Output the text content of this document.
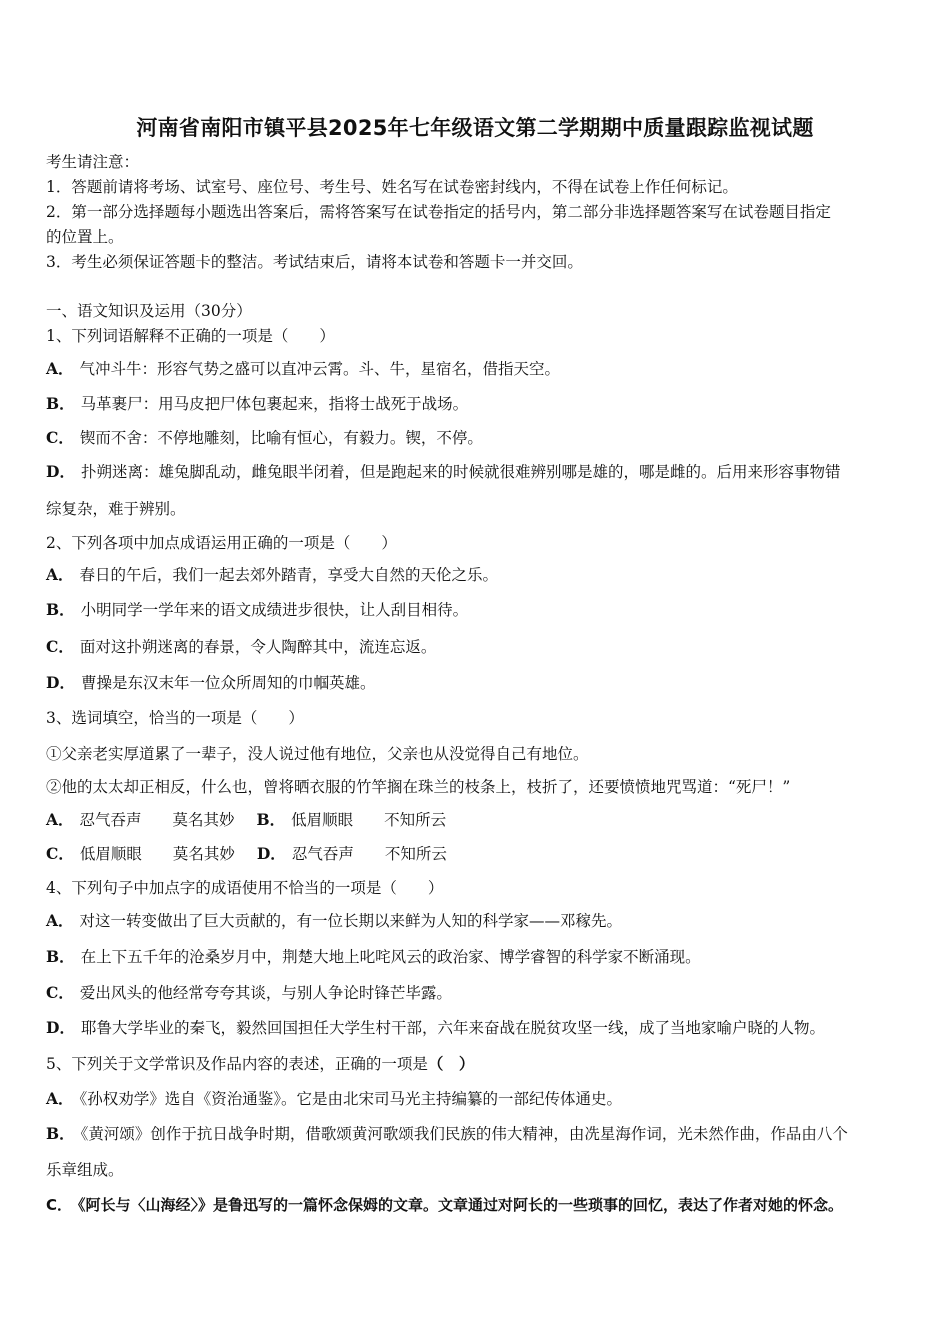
河南省南阳市镇平县2025年七年级语文第二学期期中质量跟踪监视试题
考生请注意：
1．答题前请将考场、试室号、座位号、考生号、姓名写在试卷密封线内，不得在试卷上作任何标记。
2．第一部分选择题每小题选出答案后，需将答案写在试卷指定的括号内，第二部分非选择题答案写在试卷题目指定
的位置上。
3．考生必须保证答题卡的整洁。考试结束后，请将本试卷和答题卡一并交回。
一、语文知识及运用（30分）
1、下列词语解释不正确的一项是（　　）
A． 气冲斗牛：形容气势之盛可以直冲云霄。斗、牛，星宿名，借指天空。
B． 马革裹尸：用马皮把尸体包裹起来，指将士战死于战场。
C． 锲而不舍：不停地雕刻，比喻有恒心，有毅力。锲，不停。
D． 扑朔迷离：雄兔脚乱动，雌兔眼半闭着，但是跑起来的时候就很难辨别哪是雄的，哪是雌的。后用来形容事物错
综复杂，难于辨别。
2、下列各项中加点成语运用正确的一项是（　　）
A． 春日的午后，我们一起去郊外踏青，享受大自然的天伦之乐。
B． 小明同学一学年来的语文成绩进步很快，让人刮目相待。
C． 面对这扑朔迷离的春景，令人陶醉其中，流连忘返。
D． 曹操是东汉末年一位众所周知的巾帼英雄。
3、选词填空，恰当的一项是（　　）
①父亲老实厚道累了一辈子，没人说过他有地位，父亲也从没觉得自己有地位。
②他的太太却正相反，什么也，曾将晒衣服的竹竿搁在珠兰的枝条上，枝折了，还要愤愤地咒骂道：“死尸！”
A． 忍气吞声　　莫名其妙 B． 低眉顺眼　　不知所云
C． 低眉顺眼　　莫名其妙 D． 忍气吞声　　不知所云
4、下列句子中加点字的成语使用不恰当的一项是（　　）
A． 对这一转变做出了巨大贡献的，有一位长期以来鲜为人知的科学家——邓稼先。
B． 在上下五千年的沧桑岁月中，荆楚大地上叱咤风云的政治家、博学睿智的科学家不断涌现。
C． 爱出风头的他经常夸夸其谈，与别人争论时锋芒毕露。
D． 耶鲁大学毕业的秦飞，毅然回国担任大学生村干部，六年来奋战在脱贫攻坚一线，成了当地家喻户晓的人物。
5、下列关于文学常识及作品内容的表述，正确的一项是（　）
A． 《孙权劝学》选自《资治通鉴》。它是由北宋司马光主持编纂的一部纪传体通史。
B． 《黄河颂》创作于抗日战争时期，借歌颂黄河歌颂我们民族的伟大精神，由冼星海作词，光未然作曲，作品由八个
乐章组成。
C． 《阿长与〈山海经〉》是鲁迅写的一篇怀念保姆的文章。文章通过对阿长的一些琐事的回忆，表达了作者对她的怀念。
